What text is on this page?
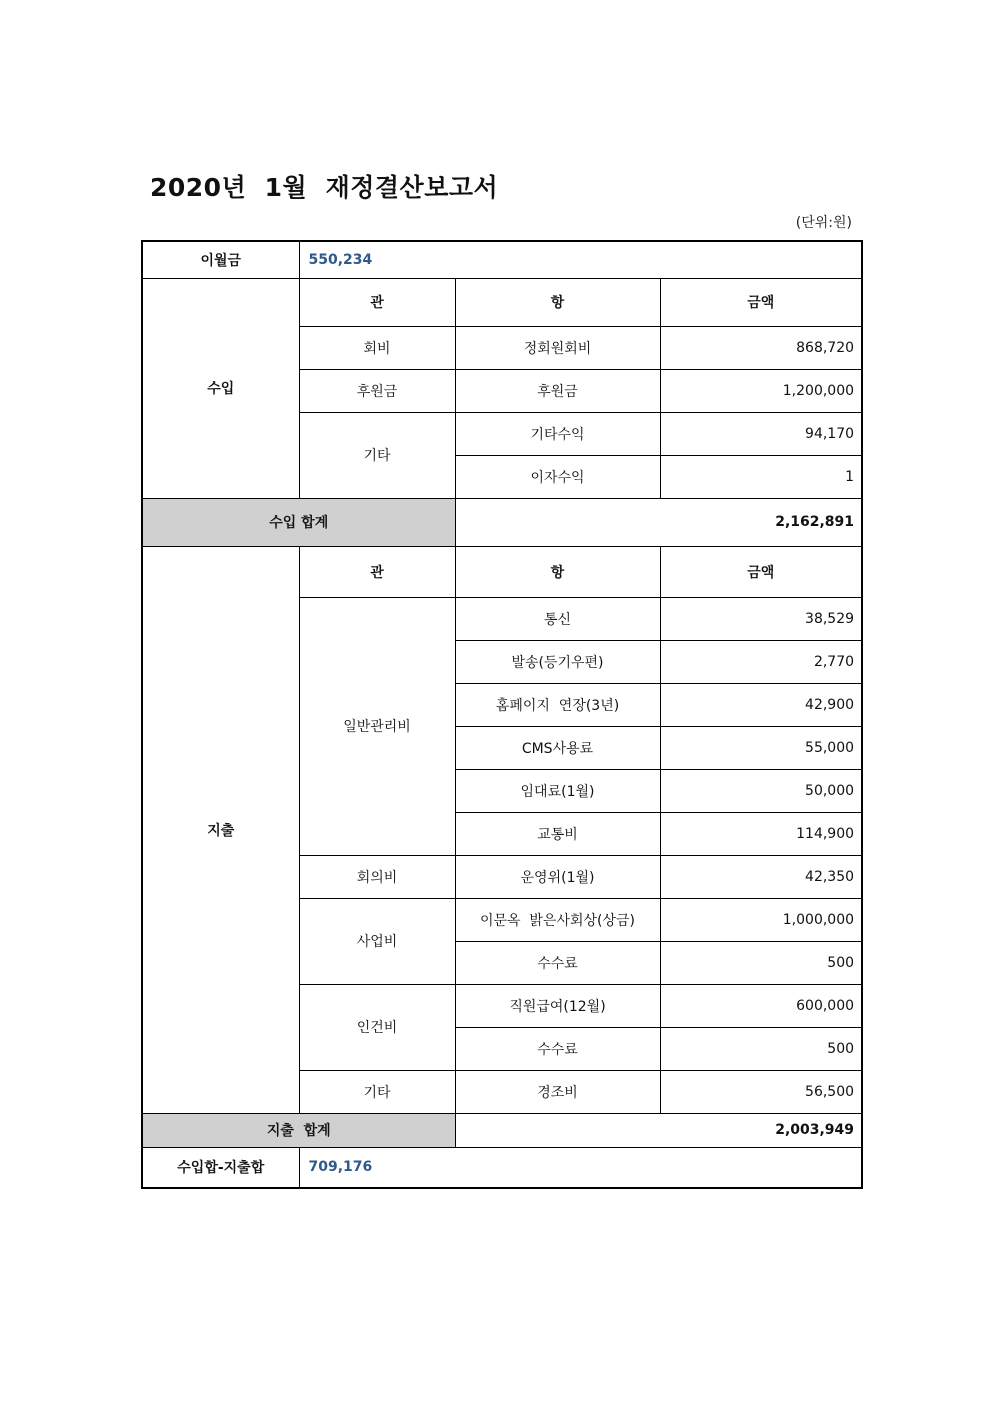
2020년  1월  재정결산보고서
(단위:원)
이월금	550,234		
수입	관	항	금액
	회비	정회원회비	868,720
	후원금	후원금	1,200,000
	기타	기타수익	94,170
		이자수익	1
수입 합계		2,162,891	
지출	관	항	금액
	일반관리비	통신	38,529
		발송(등기우편)	2,770
		홈페이지  연장(3년)	42,900
		CMS사용료	55,000
		임대료(1월)	50,000
		교통비	114,900
	회의비	운영위(1월)	42,350
	사업비	이문옥  밝은사회상(상금)	1,000,000
		수수료	500
	인건비	직원급여(12월)	600,000
		수수료	500
	기타	경조비	56,500
지출  합계		2,003,949	
수입합-지출합	709,176		
